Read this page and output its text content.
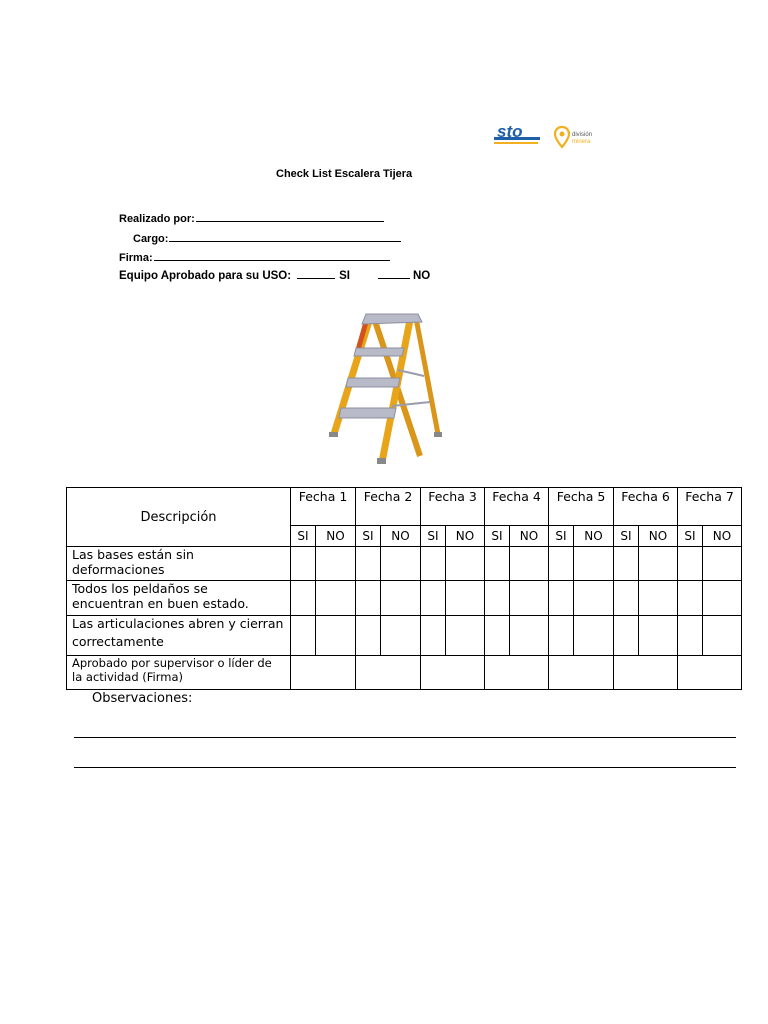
sto	división
minera
Check List Escalera Tijera
Realizado por:
Cargo:
Firma:
Equipo Aprobado para su USO:	SI	NO
Descripción	Fecha 1		Fecha 2		Fecha 3		Fecha 4		Fecha 5		Fecha 6		Fecha 7	
	SI	NO	SI	NO	SI	NO	SI	NO	SI	NO	SI	NO	SI	NO

Las bases están sin
deformaciones														

Todos los peldaños se
encuentran en buen estado.														

Las articulaciones abren y cierran
correctamente														

Aprobado por supervisor o líder de
la actividad (Firma)														

Observaciones:
